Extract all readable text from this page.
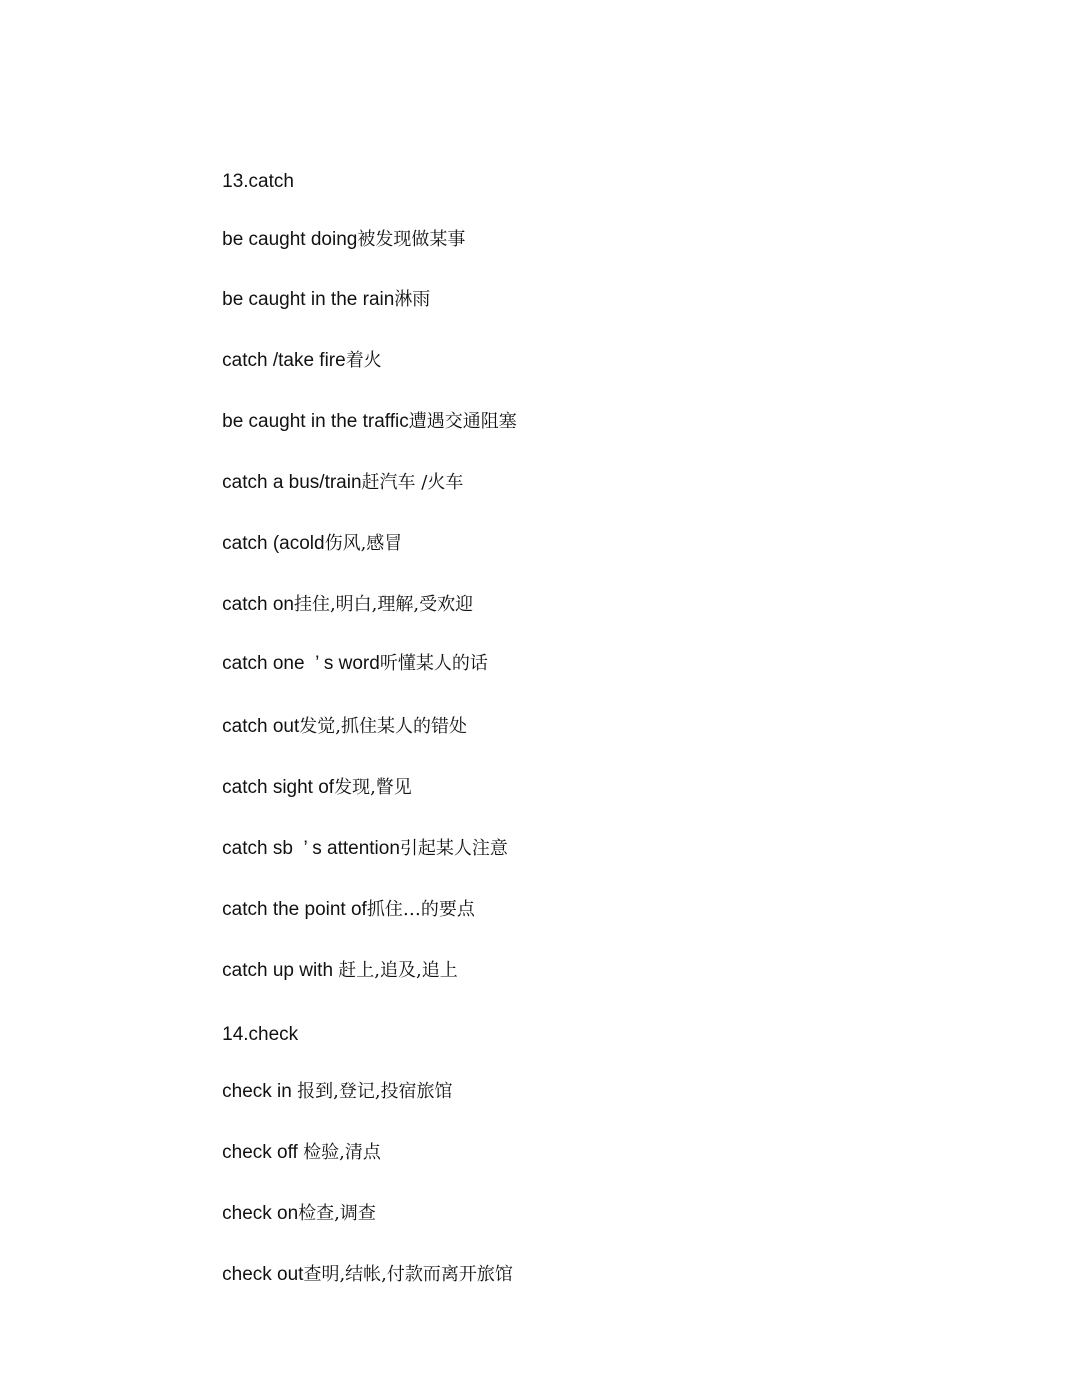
13.catch

be caught doing被发现做某事

be caught in the rain淋雨

catch /take fire着火

be caught in the traffic遭遇交通阻塞

catch a bus/train赶汽车 /火车

catch (acold伤风,感冒

catch on挂住,明白,理解,受欢迎

catch one  ’ s word听懂某人的话

catch out发觉,抓住某人的错处

catch sight of发现,瞥见

catch sb  ’ s attention引起某人注意

catch the point of抓住…的要点

catch up with 赶上,追及,追上

14.check

check in 报到,登记,投宿旅馆

check off 检验,清点

check on检查,调查

check out查明,结帐,付款而离开旅馆
